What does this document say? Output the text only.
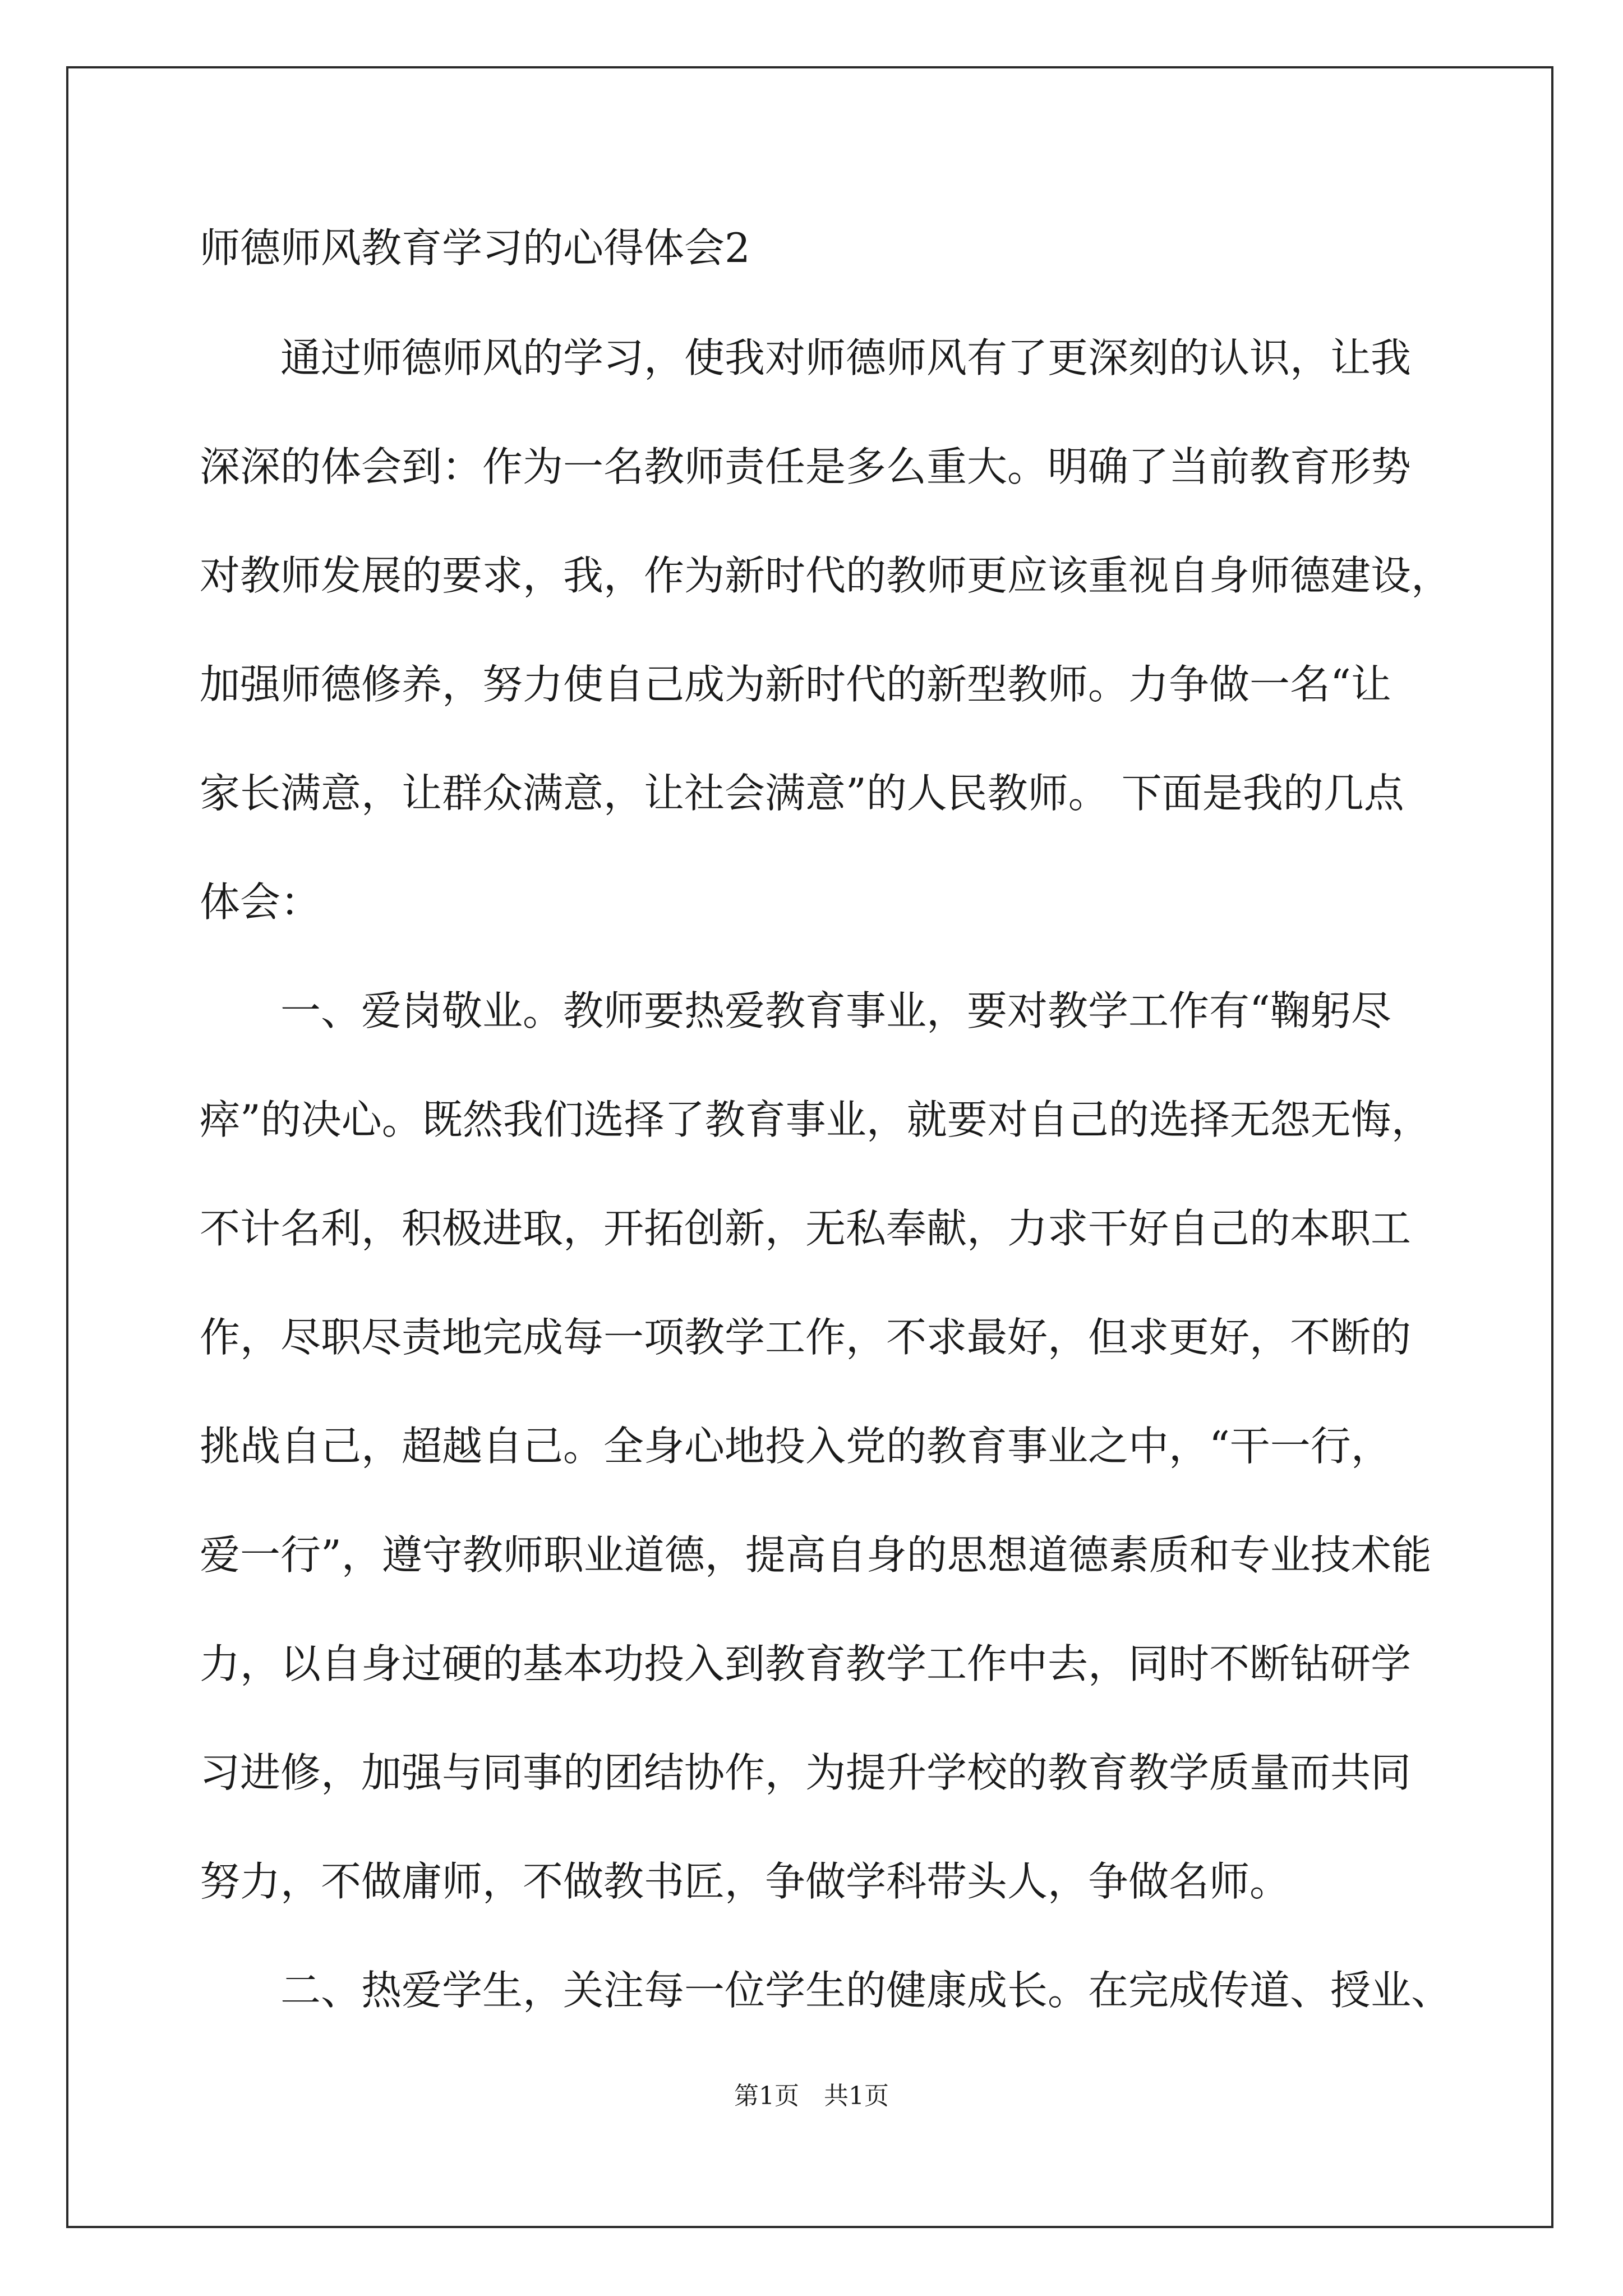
师德师风教育学习的心得体会2

　　通过师德师风的学习，使我对师德师风有了更深刻的认识，让我

深深的体会到：作为一名教师责任是多么重大。明确了当前教育形势

对教师发展的要求，我，作为新时代的教师更应该重视自身师德建设，

加强师德修养，努力使自己成为新时代的新型教师。力争做一名“让

家长满意，让群众满意，让社会满意”的人民教师。 下面是我的几点

体会：

　　一、爱岗敬业。教师要热爱教育事业，要对教学工作有“鞠躬尽

瘁”的决心。既然我们选择了教育事业，就要对自己的选择无怨无悔，

不计名利，积极进取，开拓创新，无私奉献，力求干好自己的本职工

作，尽职尽责地完成每一项教学工作，不求最好，但求更好，不断的

挑战自己，超越自己。全身心地投入党的教育事业之中，“干一行，

爱一行”，遵守教师职业道德，提高自身的思想道德素质和专业技术能

力，以自身过硬的基本功投入到教育教学工作中去，同时不断钻研学

习进修，加强与同事的团结协作，为提升学校的教育教学质量而共同

努力，不做庸师，不做教书匠，争做学科带头人，争做名师。

　　二、热爱学生，关注每一位学生的健康成长。在完成传道、授业、

第1页　共1页
